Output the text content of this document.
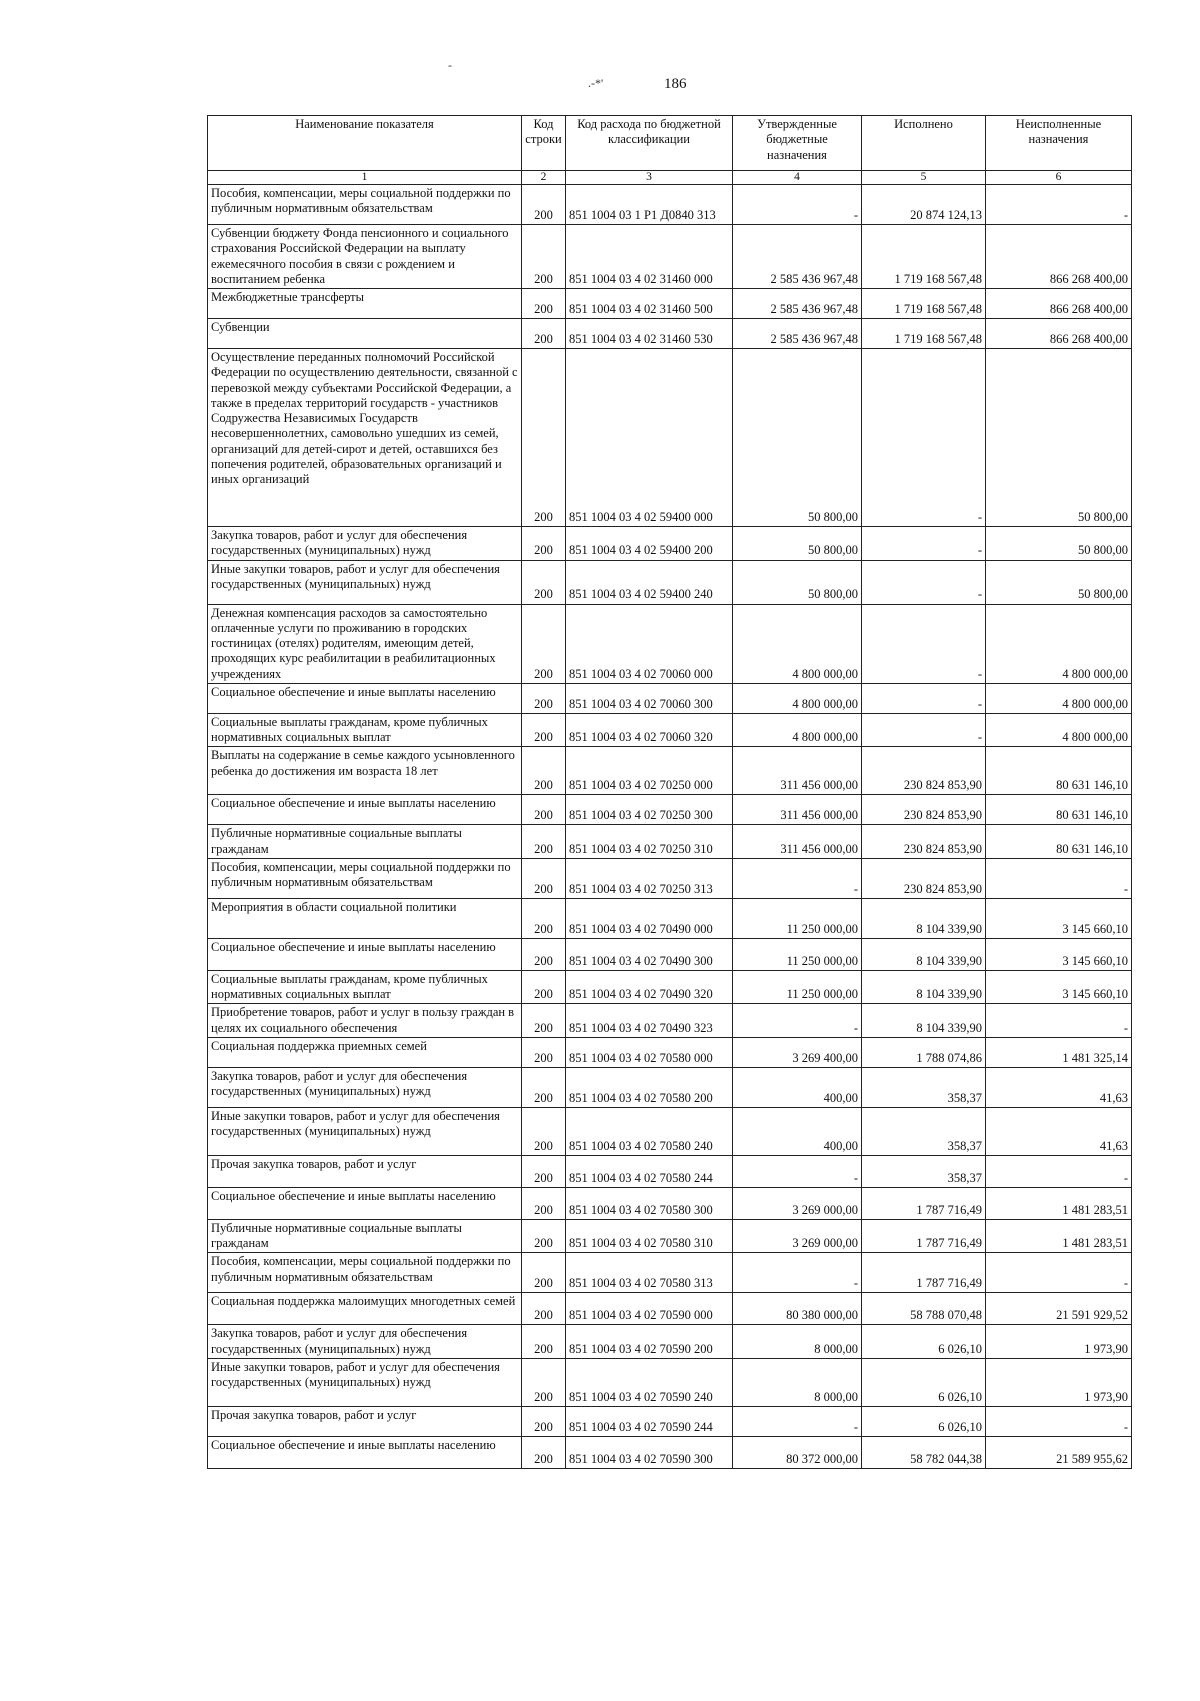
.-*'
-
186
Наименование показателя	Код строки	Код расхода по бюджетной классификации	Утвержденные бюджетные назначения	Исполнено	Неисполненные назначения
1	2	3	4	5	6
Пособия, компенсации, меры социальной поддержки по публичным нормативным обязательствам	200	851 1004 03 1 Р1 Д0840 313	-	20 874 124,13	-
Субвенции бюджету Фонда пенсионного и социального страхования Российской Федерации на выплату ежемесячного пособия в связи с рождением и воспитанием ребенка	200	851 1004 03 4 02 31460 000	2 585 436 967,48	1 719 168 567,48	866 268 400,00
Межбюджетные трансферты	200	851 1004 03 4 02 31460 500	2 585 436 967,48	1 719 168 567,48	866 268 400,00
Субвенции	200	851 1004 03 4 02 31460 530	2 585 436 967,48	1 719 168 567,48	866 268 400,00
Осуществление переданных полномочий Российской Федерации по осуществлению деятельности, связанной с перевозкой между субъектами Российской Федерации, а также в пределах территорий государств - участников Содружества Независимых Государств несовершеннолетних, самовольно ушедших из семей, организаций для детей-сирот и детей, оставшихся без попечения родителей, образовательных организаций и иных организаций	200	851 1004 03 4 02 59400 000	50 800,00	-	50 800,00
Закупка товаров, работ и услуг для обеспечения государственных (муниципальных) нужд	200	851 1004 03 4 02 59400 200	50 800,00	-	50 800,00
Иные закупки товаров, работ и услуг для обеспечения государственных (муниципальных) нужд	200	851 1004 03 4 02 59400 240	50 800,00	-	50 800,00
Денежная компенсация расходов за самостоятельно оплаченные услуги по проживанию в городских гостиницах (отелях) родителям, имеющим детей, проходящих курс реабилитации в реабилитационных учреждениях	200	851 1004 03 4 02 70060 000	4 800 000,00	-	4 800 000,00
Социальное обеспечение и иные выплаты населению	200	851 1004 03 4 02 70060 300	4 800 000,00	-	4 800 000,00
Социальные выплаты гражданам, кроме публичных нормативных социальных выплат	200	851 1004 03 4 02 70060 320	4 800 000,00	-	4 800 000,00
Выплаты на содержание в семье каждого усыновленного ребенка до достижения им возраста 18 лет	200	851 1004 03 4 02 70250 000	311 456 000,00	230 824 853,90	80 631 146,10
Социальное обеспечение и иные выплаты населению	200	851 1004 03 4 02 70250 300	311 456 000,00	230 824 853,90	80 631 146,10
Публичные нормативные социальные выплаты гражданам	200	851 1004 03 4 02 70250 310	311 456 000,00	230 824 853,90	80 631 146,10
Пособия, компенсации, меры социальной поддержки по публичным нормативным обязательствам	200	851 1004 03 4 02 70250 313	-	230 824 853,90	-
Мероприятия в области социальной политики	200	851 1004 03 4 02 70490 000	11 250 000,00	8 104 339,90	3 145 660,10
Социальное обеспечение и иные выплаты населению	200	851 1004 03 4 02 70490 300	11 250 000,00	8 104 339,90	3 145 660,10
Социальные выплаты гражданам, кроме публичных нормативных социальных выплат	200	851 1004 03 4 02 70490 320	11 250 000,00	8 104 339,90	3 145 660,10
Приобретение товаров, работ и услуг в пользу граждан в целях их социального обеспечения	200	851 1004 03 4 02 70490 323	-	8 104 339,90	-
Социальная поддержка приемных семей	200	851 1004 03 4 02 70580 000	3 269 400,00	1 788 074,86	1 481 325,14
Закупка товаров, работ и услуг для обеспечения государственных (муниципальных) нужд	200	851 1004 03 4 02 70580 200	400,00	358,37	41,63
Иные закупки товаров, работ и услуг для обеспечения государственных (муниципальных) нужд	200	851 1004 03 4 02 70580 240	400,00	358,37	41,63
Прочая закупка товаров, работ и услуг	200	851 1004 03 4 02 70580 244	-	358,37	-
Социальное обеспечение и иные выплаты населению	200	851 1004 03 4 02 70580 300	3 269 000,00	1 787 716,49	1 481 283,51
Публичные нормативные социальные выплаты гражданам	200	851 1004 03 4 02 70580 310	3 269 000,00	1 787 716,49	1 481 283,51
Пособия, компенсации, меры социальной поддержки по публичным нормативным обязательствам	200	851 1004 03 4 02 70580 313	-	1 787 716,49	-
Социальная поддержка малоимущих многодетных семей	200	851 1004 03 4 02 70590 000	80 380 000,00	58 788 070,48	21 591 929,52
Закупка товаров, работ и услуг для обеспечения государственных (муниципальных) нужд	200	851 1004 03 4 02 70590 200	8 000,00	6 026,10	1 973,90
Иные закупки товаров, работ и услуг для обеспечения государственных (муниципальных) нужд	200	851 1004 03 4 02 70590 240	8 000,00	6 026,10	1 973,90
Прочая закупка товаров, работ и услуг	200	851 1004 03 4 02 70590 244	-	6 026,10	-
Социальное обеспечение и иные выплаты населению	200	851 1004 03 4 02 70590 300	80 372 000,00	58 782 044,38	21 589 955,62
